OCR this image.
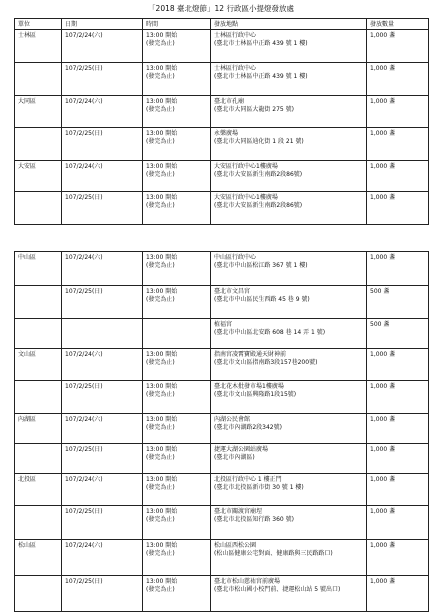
「2018 臺北燈節」12 行政區小提燈發放處
單位	日期	時間	發放地點	發放數量

士林區	107/2/24(六)	13:00 開始
(發完為止)	士林區行政中心
(臺北市士林區中正路 439 號 1 樓)	1,000 盞

	107/2/25(日)	13:00 開始
(發完為止)	士林區行政中心
(臺北市士林區中正路 439 號 1 樓)	1,000 盞

大同區	107/2/24(六)	13:00 開始
(發完為止)	臺北市孔廟
(臺北市大同區大龍街 275 號)	1,000 盞

	107/2/25(日)	13:00 開始
(發完為止)	永樂廣場
(臺北市大同區迪化街 1 段 21 號)	1,000 盞

大安區	107/2/24(六)	13:00 開始
(發完為止)	大安區行政中心1樓廣場
(臺北市大安區新生南路2段86號)	1,000 盞

	107/2/25(日)	13:00 開始
(發完為止)	大安區行政中心1樓廣場
(臺北市大安區新生南路2段86號)	1,000 盞
中山區	107/2/24(六)	13:00 開始
(發完為止)	中山區行政中心
(臺北市中山區松江路 367 號 1 樓)	1,000 盞

	107/2/25(日)	13:00 開始
(發完為止)	臺北市文昌宮
(臺北市中山區民生西路 45 巷 9 號)	500 盞

			植福宮
(臺北市中山區北安路 608 巷 14 弄 1 號)	500 盞

文山區	107/2/24(六)	13:00 開始
(發完為止)	指南宮凌霄寶殿通天財神前
(臺北市文山區指南路3段157巷200號)	1,000 盞

	107/2/25(日)	13:00 開始
(發完為止)	臺北花木批發市場1樓廣場
(臺北市文山區興隆路1段15號)	1,000 盞

內湖區	107/2/24(六)	13:00 開始
(發完為止)	內湖公民會館
(臺北市內湖路2段342號)	1,000 盞

	107/2/25(日)	13:00 開始
(發完為止)	捷運大湖公園站廣場
(臺北市內湖區)	1,000 盞

北投區	107/2/24(六)	13:00 開始
(發完為止)	北投區行政中心 1 樓正門
(臺北市北投區新市街 30 號 1 樓)	1,000 盞

	107/2/25(日)	13:00 開始
(發完為止)	臺北市關渡宮廟埕
(臺北市北投區知行路 360 號)	1,000 盞

松山區	107/2/24(六)	13:00 開始
(發完為止)	松山區西松公園
(松山區健康公宅對面、健康路與三民路路口)	1,000 盞

	107/2/25(日)	13:00 開始
(發完為止)	臺北市松山慈祐宮前廣場
(臺北市松山國小校門前、捷運松山站 5 號出口)	1,000 盞
